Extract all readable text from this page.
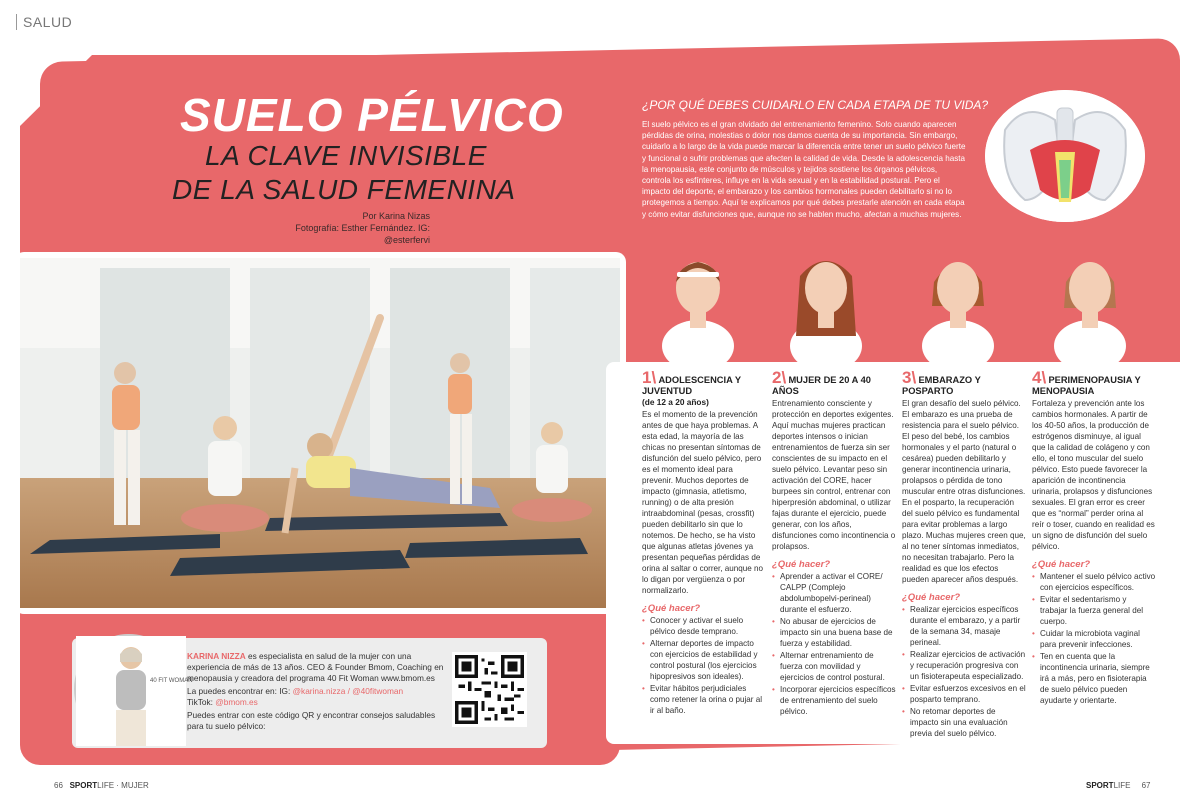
SALUD
SUELO PÉLVICO
LA CLAVE INVISIBLE
DE LA SALUD FEMENINA
Por Karina Nizas
Fotografía: Esther Fernández. IG: @esterfervi
¿POR QUÉ DEBES CUIDARLO EN CADA ETAPA DE TU VIDA?

El suelo pélvico es el gran olvidado del entrenamiento femenino. Solo cuando aparecen pérdidas de orina, molestias o dolor nos damos cuenta de su importancia. Sin embargo, cuidarlo a lo largo de la vida puede marcar la diferencia entre tener un suelo pélvico fuerte y funcional o sufrir problemas que afecten la calidad de vida. Desde la adolescencia hasta la menopausia, este conjunto de músculos y tejidos sostiene los órganos pélvicos, controla los esfínteres, influye en la vida sexual y en la estabilidad postural. Pero el impacto del deporte, el embarazo y los cambios hormonales pueden debilitarlo si no lo protegemos a tiempo. Aquí te explicamos por qué debes prestarle atención en cada etapa y cómo evitar disfunciones que, aunque no se hablen mucho, afectan a muchas mujeres.

1\ ADOLESCENCIA Y JUVENTUD
(de 12 a 20 años)
Es el momento de la prevención antes de que haya problemas. A esta edad, la mayoría de las chicas no presentan síntomas de disfunción del suelo pélvico, pero es el momento ideal para prevenir. Muchos deportes de impacto (gimnasia, atletismo, running) o de alta presión intraabdominal (pesas, crossfit) pueden debilitarlo sin que lo notemos. De hecho, se ha visto que algunas atletas jóvenes ya presentan pequeñas pérdidas de orina al saltar o correr, aunque no lo digan por vergüenza o por normalizarlo.
¿Qué hacer?
• Conocer y activar el suelo pélvico desde temprano.
• Alternar deportes de impacto con ejercicios de estabilidad y control postural (los ejercicios hipopresivos son ideales).
• Evitar hábitos perjudiciales como retener la orina o pujar al ir al baño.
2\ MUJER DE 20 A 40 AÑOS
Entrenamiento consciente y protección en deportes exigentes. Aquí muchas mujeres practican deportes intensos o inician entrenamientos de fuerza sin ser conscientes de su impacto en el suelo pélvico. Levantar peso sin activación del CORE, hacer burpees sin control, entrenar con hiperpresión abdominal, o utilizar fajas durante el ejercicio, puede generar, con los años, disfunciones como incontinencia o prolapsos.
¿Qué hacer?
• Aprender a activar el CORE/ CALPP (Complejo abdolumbopelvi-perineal) durante el esfuerzo.
• No abusar de ejercicios de impacto sin una buena base de fuerza y estabilidad.
• Alternar entrenamiento de fuerza con movilidad y ejercicios de control postural.
• Incorporar ejercicios específicos de entrenamiento del suelo pélvico.
3\ EMBARAZO Y POSPARTO
El gran desafío del suelo pélvico. El embarazo es una prueba de resistencia para el suelo pélvico. El peso del bebé, los cambios hormonales y el parto (natural o cesárea) pueden debilitarlo y generar incontinencia urinaria, prolapsos o pérdida de tono muscular entre otras disfunciones. En el posparto, la recuperación del suelo pélvico es fundamental para evitar problemas a largo plazo. Muchas mujeres creen que, al no tener síntomas inmediatos, no necesitan trabajarlo. Pero la realidad es que los efectos pueden aparecer años después.
¿Qué hacer?
• Realizar ejercicios específicos durante el embarazo, y a partir de la semana 34, masaje perineal.
• Realizar ejercicios de activación y recuperación progresiva con un fisioterapeuta especializado.
• Evitar esfuerzos excesivos en el posparto temprano.
• No retomar deportes de impacto sin una evaluación previa del suelo pélvico.
4\ PERIMENOPAUSIA Y MENOPAUSIA
Fortaleza y prevención ante los cambios hormonales. A partir de los 40-50 años, la producción de estrógenos disminuye, al igual que la calidad de colágeno y con ello, el tono muscular del suelo pélvico. Esto puede favorecer la aparición de incontinencia urinaria, prolapsos y disfunciones sexuales. El gran error es creer que es “normal” perder orina al reír o toser, cuando en realidad es un signo de disfunción del suelo pélvico.
¿Qué hacer?
• Mantener el suelo pélvico activo con ejercicios específicos.
• Evitar el sedentarismo y trabajar la fuerza general del cuerpo.
• Cuidar la microbiota vaginal para prevenir infecciones.
• Ten en cuenta que la incontinencia urinaria, siempre irá a más, pero en fisioterapia de suelo pélvico pueden ayudarte y orientarte.
40 FIT WOMAN

KARINA NIZZA es especialista en salud de la mujer con una experiencia de más de 13 años. CEO & Founder Bmom, Coaching en menopausia y creadora del programa 40 Fit Woman www.bmom.es

La puedes encontrar en: IG: @karina.nizza / @40fitwoman

TikTok: @bmom.es

Puedes entrar con este código QR y encontrar consejos saludables para tu suelo pélvico:

66 SPORTLIFE · MUJER	SPORTLIFE 67
